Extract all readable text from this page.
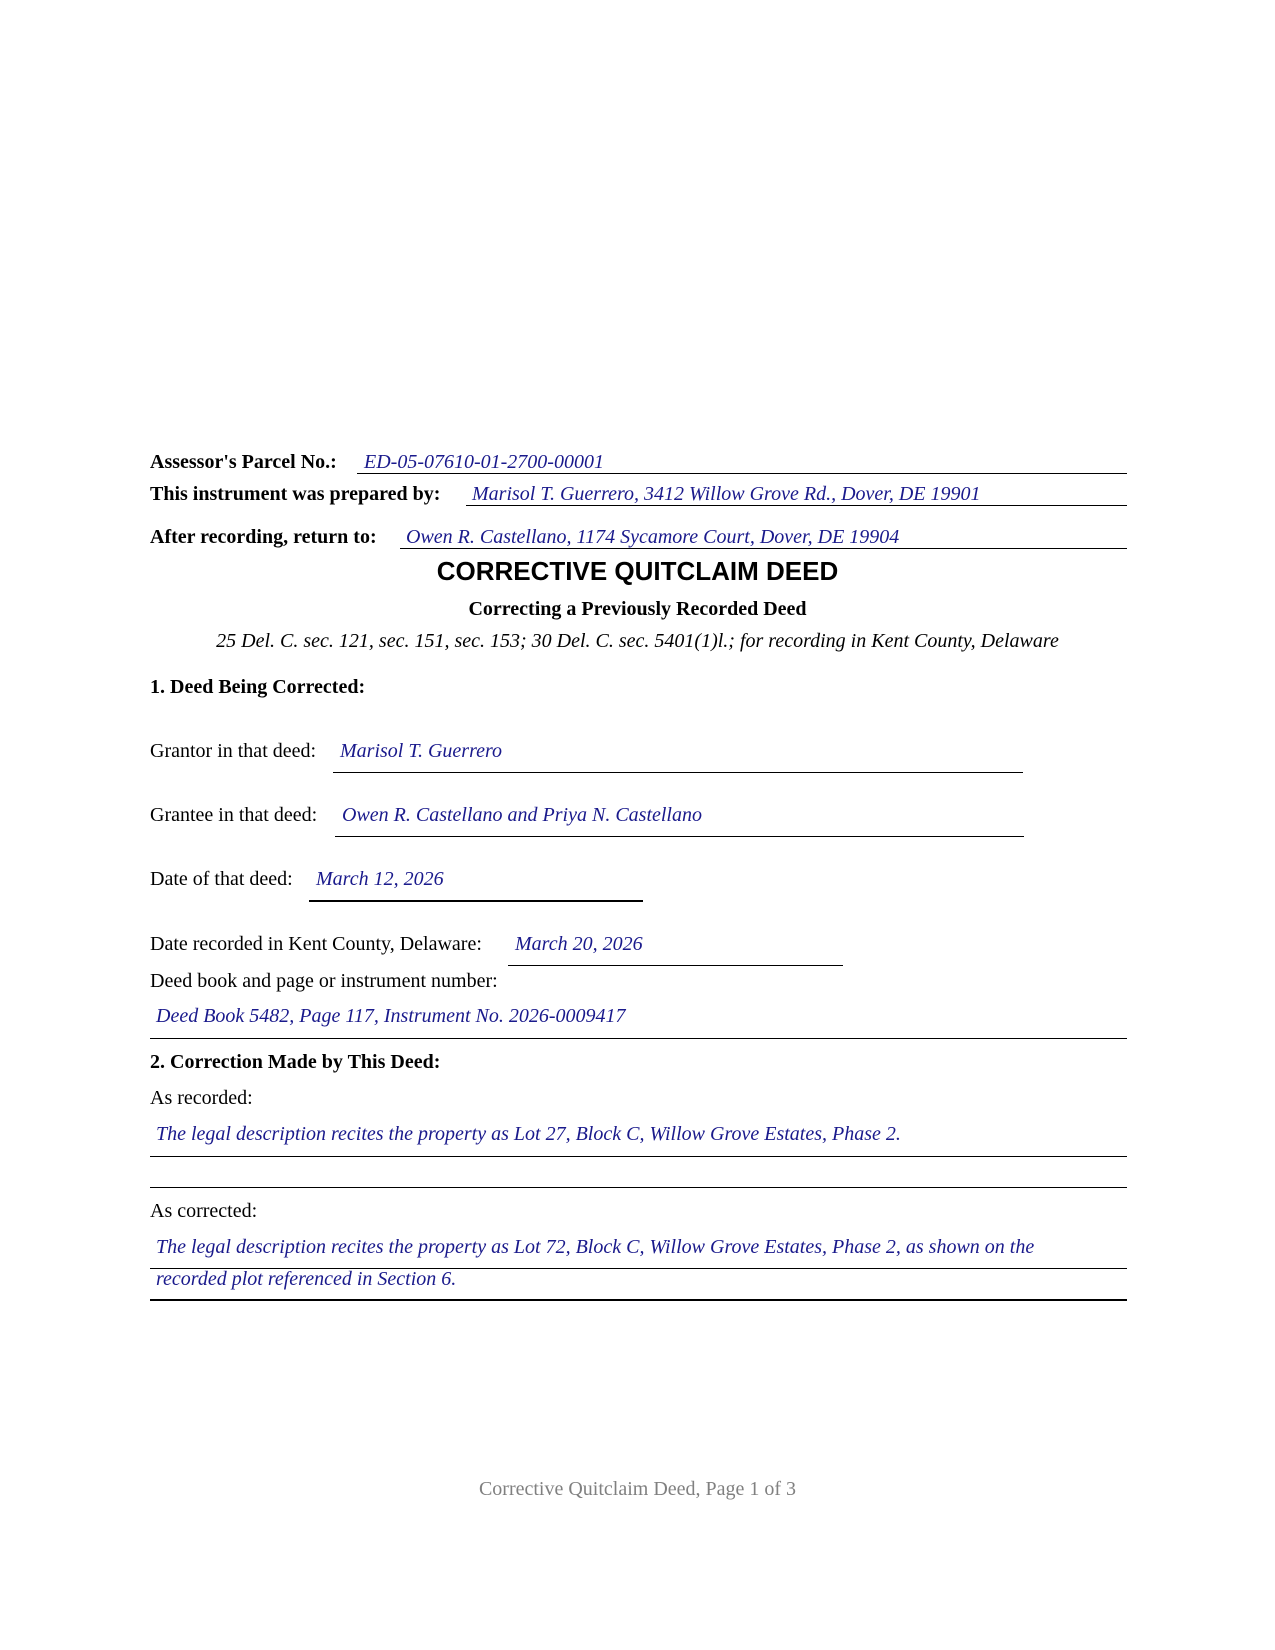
Assessor's Parcel No.: ED-05-07610-01-2700-00001
This instrument was prepared by: Marisol T. Guerrero, 3412 Willow Grove Rd., Dover, DE 19901
After recording, return to: Owen R. Castellano, 1174 Sycamore Court, Dover, DE 19904
CORRECTIVE QUITCLAIM DEED
Correcting a Previously Recorded Deed
25 Del. C. sec. 121, sec. 151, sec. 153; 30 Del. C. sec. 5401(1)l.; for recording in Kent County, Delaware
1. Deed Being Corrected:
Grantor in that deed: Marisol T. Guerrero
Grantee in that deed: Owen R. Castellano and Priya N. Castellano
Date of that deed: March 12, 2026
Date recorded in Kent County, Delaware: March 20, 2026
Deed book and page or instrument number:
Deed Book 5482, Page 117, Instrument No. 2026-0009417
2. Correction Made by This Deed:
As recorded:
The legal description recites the property as Lot 27, Block C, Willow Grove Estates, Phase 2.
As corrected:
The legal description recites the property as Lot 72, Block C, Willow Grove Estates, Phase 2, as shown on the
recorded plot referenced in Section 6.
Corrective Quitclaim Deed, Page 1 of 3
